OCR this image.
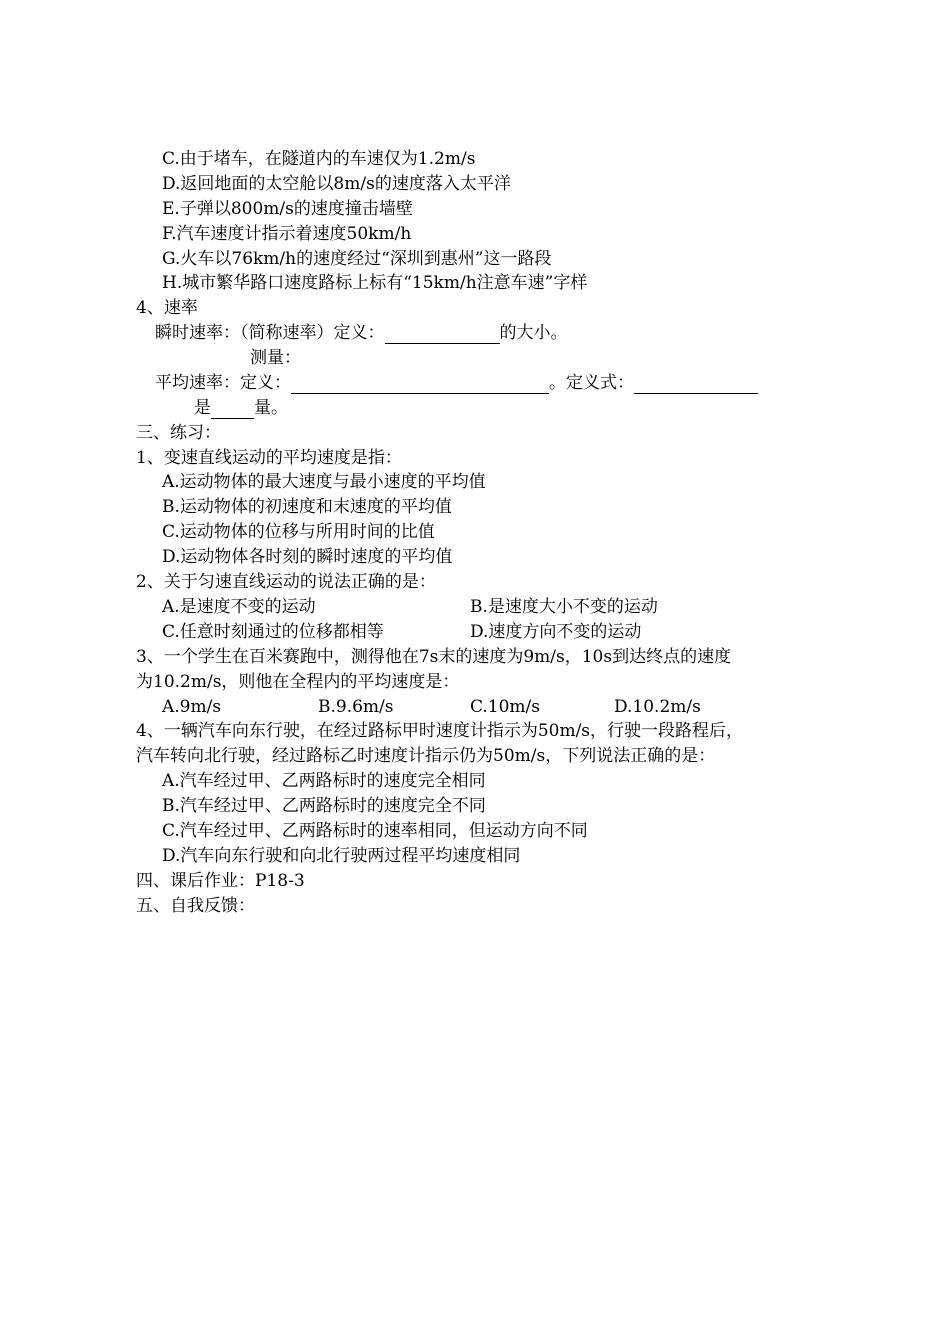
C.由于堵车，在隧道内的车速仅为1.2m/s
D.返回地面的太空舱以8m/s的速度落入太平洋
E.子弹以800m/s的速度撞击墙壁
F.汽车速度计指示着速度50km/h
G.火车以76km/h的速度经过“深圳到惠州”这一路段
H.城市繁华路口速度路标上标有“15km/h注意车速”字样
4、速率
瞬时速率：（简称速率）定义：	的大小。
测量：
平均速率：定义：	。定义式：
是	量。
三、练习：
1、变速直线运动的平均速度是指：
A.运动物体的最大速度与最小速度的平均值
B.运动物体的初速度和末速度的平均值
C.运动物体的位移与所用时间的比值
D.运动物体各时刻的瞬时速度的平均值
2、关于匀速直线运动的说法正确的是：
A.是速度不变的运动	B.是速度大小不变的运动
C.任意时刻通过的位移都相等	D.速度方向不变的运动
3、一个学生在百米赛跑中，测得他在7s末的速度为9m/s，10s到达终点的速度
为10.2m/s，则他在全程内的平均速度是：
A.9m/s	B.9.6m/s	C.10m/s	D.10.2m/s
4、一辆汽车向东行驶，在经过路标甲时速度计指示为50m/s，行驶一段路程后，
汽车转向北行驶，经过路标乙时速度计指示仍为50m/s，下列说法正确的是：
A.汽车经过甲、乙两路标时的速度完全相同
B.汽车经过甲、乙两路标时的速度完全不同
C.汽车经过甲、乙两路标时的速率相同，但运动方向不同
D.汽车向东行驶和向北行驶两过程平均速度相同
四、课后作业：P18-3
五、自我反馈：
